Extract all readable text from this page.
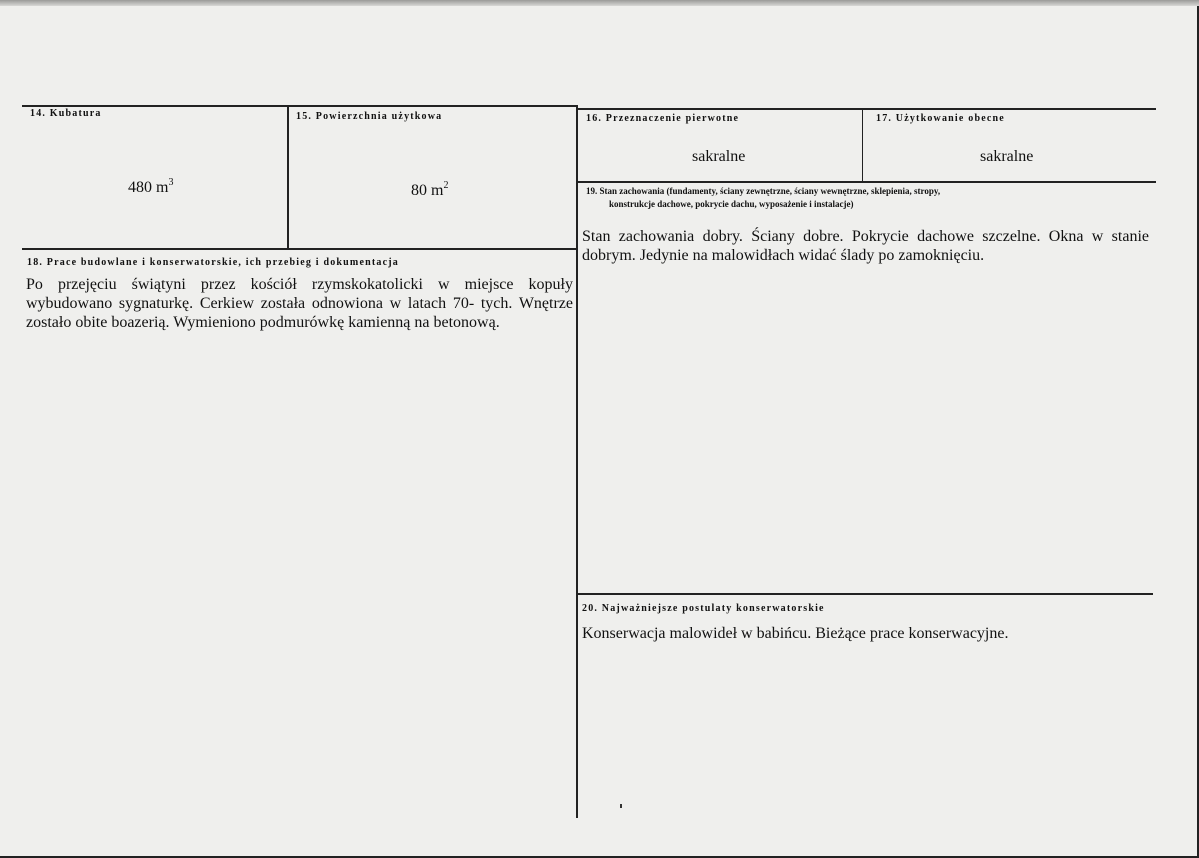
14. Kubatura
480 $m^3$
15. Powierzchnia użytkowa
80 $m^2$
16. Przeznaczenie pierwotne
sakralne
17. Użytkowanie obecne
sakralne
19. Stan zachowania (fundamenty, ściany zewnętrzne, ściany wewnętrzne, sklepienia, stropy,
konstrukcje dachowe, pokrycie dachu, wyposażenie i instalacje)
Stan zachowania dobry. Ściany dobre. Pokrycie dachowe szczelne. Okna w stanie dobrym. Jedynie na malowidłach widać ślady po zamoknięciu.
18. Prace budowlane i konserwatorskie, ich przebieg i dokumentacja
Po przejęciu świątyni przez kościół rzymskokatolicki w miejsce kopuły wybudowano sygnaturkę. Cerkiew została odnowiona w latach 70- tych. Wnętrze zostało obite boazerią. Wymieniono podmurówkę kamienną na betonową.
20. Najważniejsze postulaty konserwatorskie
Konserwacja malowideł w babińcu. Bieżące prace konserwacyjne.
